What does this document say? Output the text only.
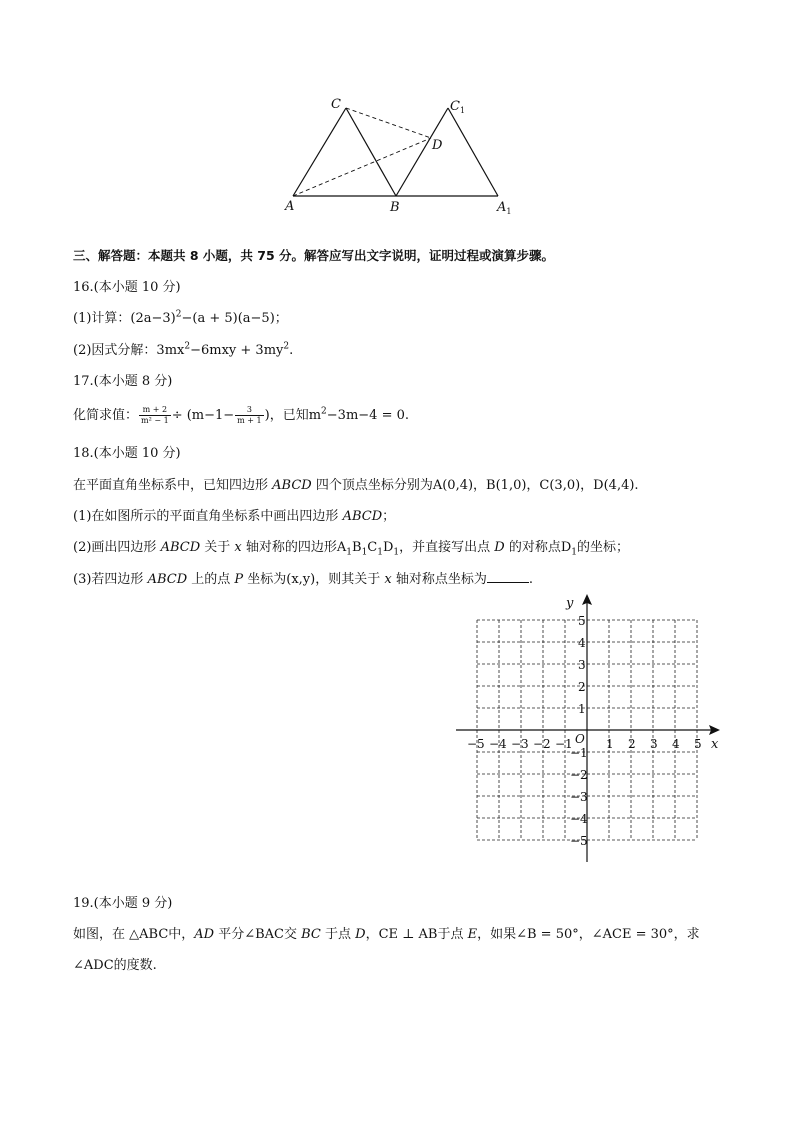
C	$C_1$
D
A	B	$A_1$
三、解答题：本题共 8 小题，共 75 分。解答应写出文字说明，证明过程或演算步骤。
16.(本小题 10 分)
(1)计算：$(2a-3)^2-(a + 5)(a-5)$；
(2)因式分解：$3mx^2-6mxy + 3my^2$.
17.(本小题 8 分)
化简求值： $\frac{m + 2}{\text{m² − 1}} \div (m-1- \frac{3}{m + 1}$ )，已知$m^2-3m-4 = 0$.
18.(本小题 10 分)
在平面直角坐标系中，已知四边形 ABCD 四个顶点坐标分别为A(0,4)，B(1,0)，C(3,0)，D(4,4).
(1)在如图所示的平面直角坐标系中画出四边形 ABCD；
(2)画出四边形 ABCD 关于 x 轴对称的四边形$A_1B_1C_1D_1$，并直接写出点 D 的对称点$D_1$的坐标；
(3)若四边形 ABCD 上的点 P 坐标为(x,y)，则其关于 x 轴对称点坐标为	.
−5 −4 −3 −2 −1	1 2 3 4 5
5
4
3
2
1
−1
−2
−3
−4
−5
x
y
O
19.(本小题 9 分)
如图，在 △ABC中，AD 平分∠BAC交 BC 于点 D，CE ⊥ AB于点 E，如果∠B = 50°，∠ACE = 30°，求
∠ADC的度数.
